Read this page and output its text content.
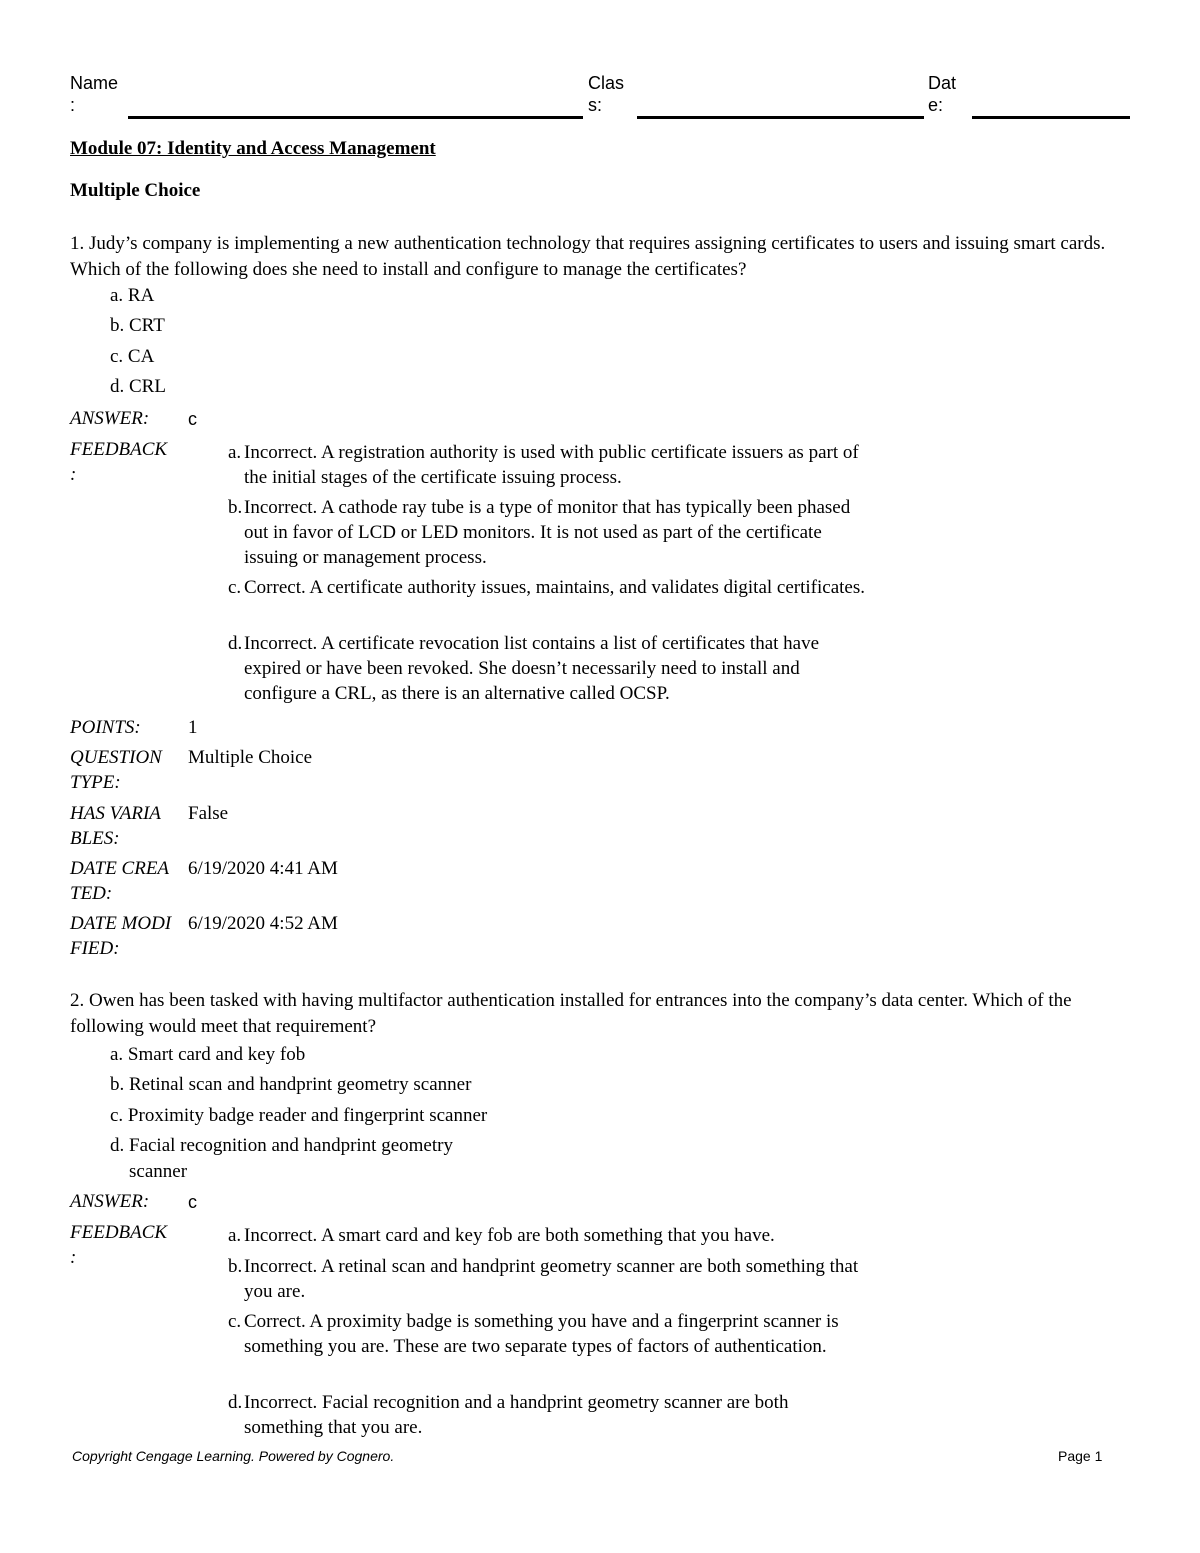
Name
:
Clas
s:
Dat
e:
Module 07: Identity and Access Management
Multiple Choice
1. Judy’s company is implementing a new authentication technology that requires assigning certificates to users and issuing smart cards. Which of the following does she need to install and configure to manage the certificates?
a. RA
b. CRT
c. CA
d. CRL
ANSWER:	c
FEEDBACK
:
a. Incorrect. A registration authority is used with public certificate issuers as part of the initial stages of the certificate issuing process.
b. Incorrect. A cathode ray tube is a type of monitor that has typically been phased out in favor of LCD or LED monitors. It is not used as part of the certificate issuing or management process.
c. Correct. A certificate authority issues, maintains, and validates digital certificates.
d. Incorrect. A certificate revocation list contains a list of certificates that have expired or have been revoked. She doesn’t necessarily need to install and configure a CRL, as there is an alternative called OCSP.
POINTS:	1
QUESTION
TYPE:
Multiple Choice
HAS VARIA
BLES:
False
DATE CREA
TED:
6/19/2020 4:41 AM
DATE MODI
FIED:
6/19/2020 4:52 AM
2. Owen has been tasked with having multifactor authentication installed for entrances into the company’s data center. Which of the following would meet that requirement?
a. Smart card and key fob
b. Retinal scan and handprint geometry scanner
c. Proximity badge reader and fingerprint scanner
d. Facial recognition and handprint geometry
scanner
ANSWER:	c
FEEDBACK
:
a. Incorrect. A smart card and key fob are both something that you have.
b. Incorrect. A retinal scan and handprint geometry scanner are both something that you are.
c. Correct. A proximity badge is something you have and a fingerprint scanner is something you are. These are two separate types of factors of authentication.
d. Incorrect. Facial recognition and a handprint geometry scanner are both something that you are.
Copyright Cengage Learning. Powered by Cognero.	Page 1
